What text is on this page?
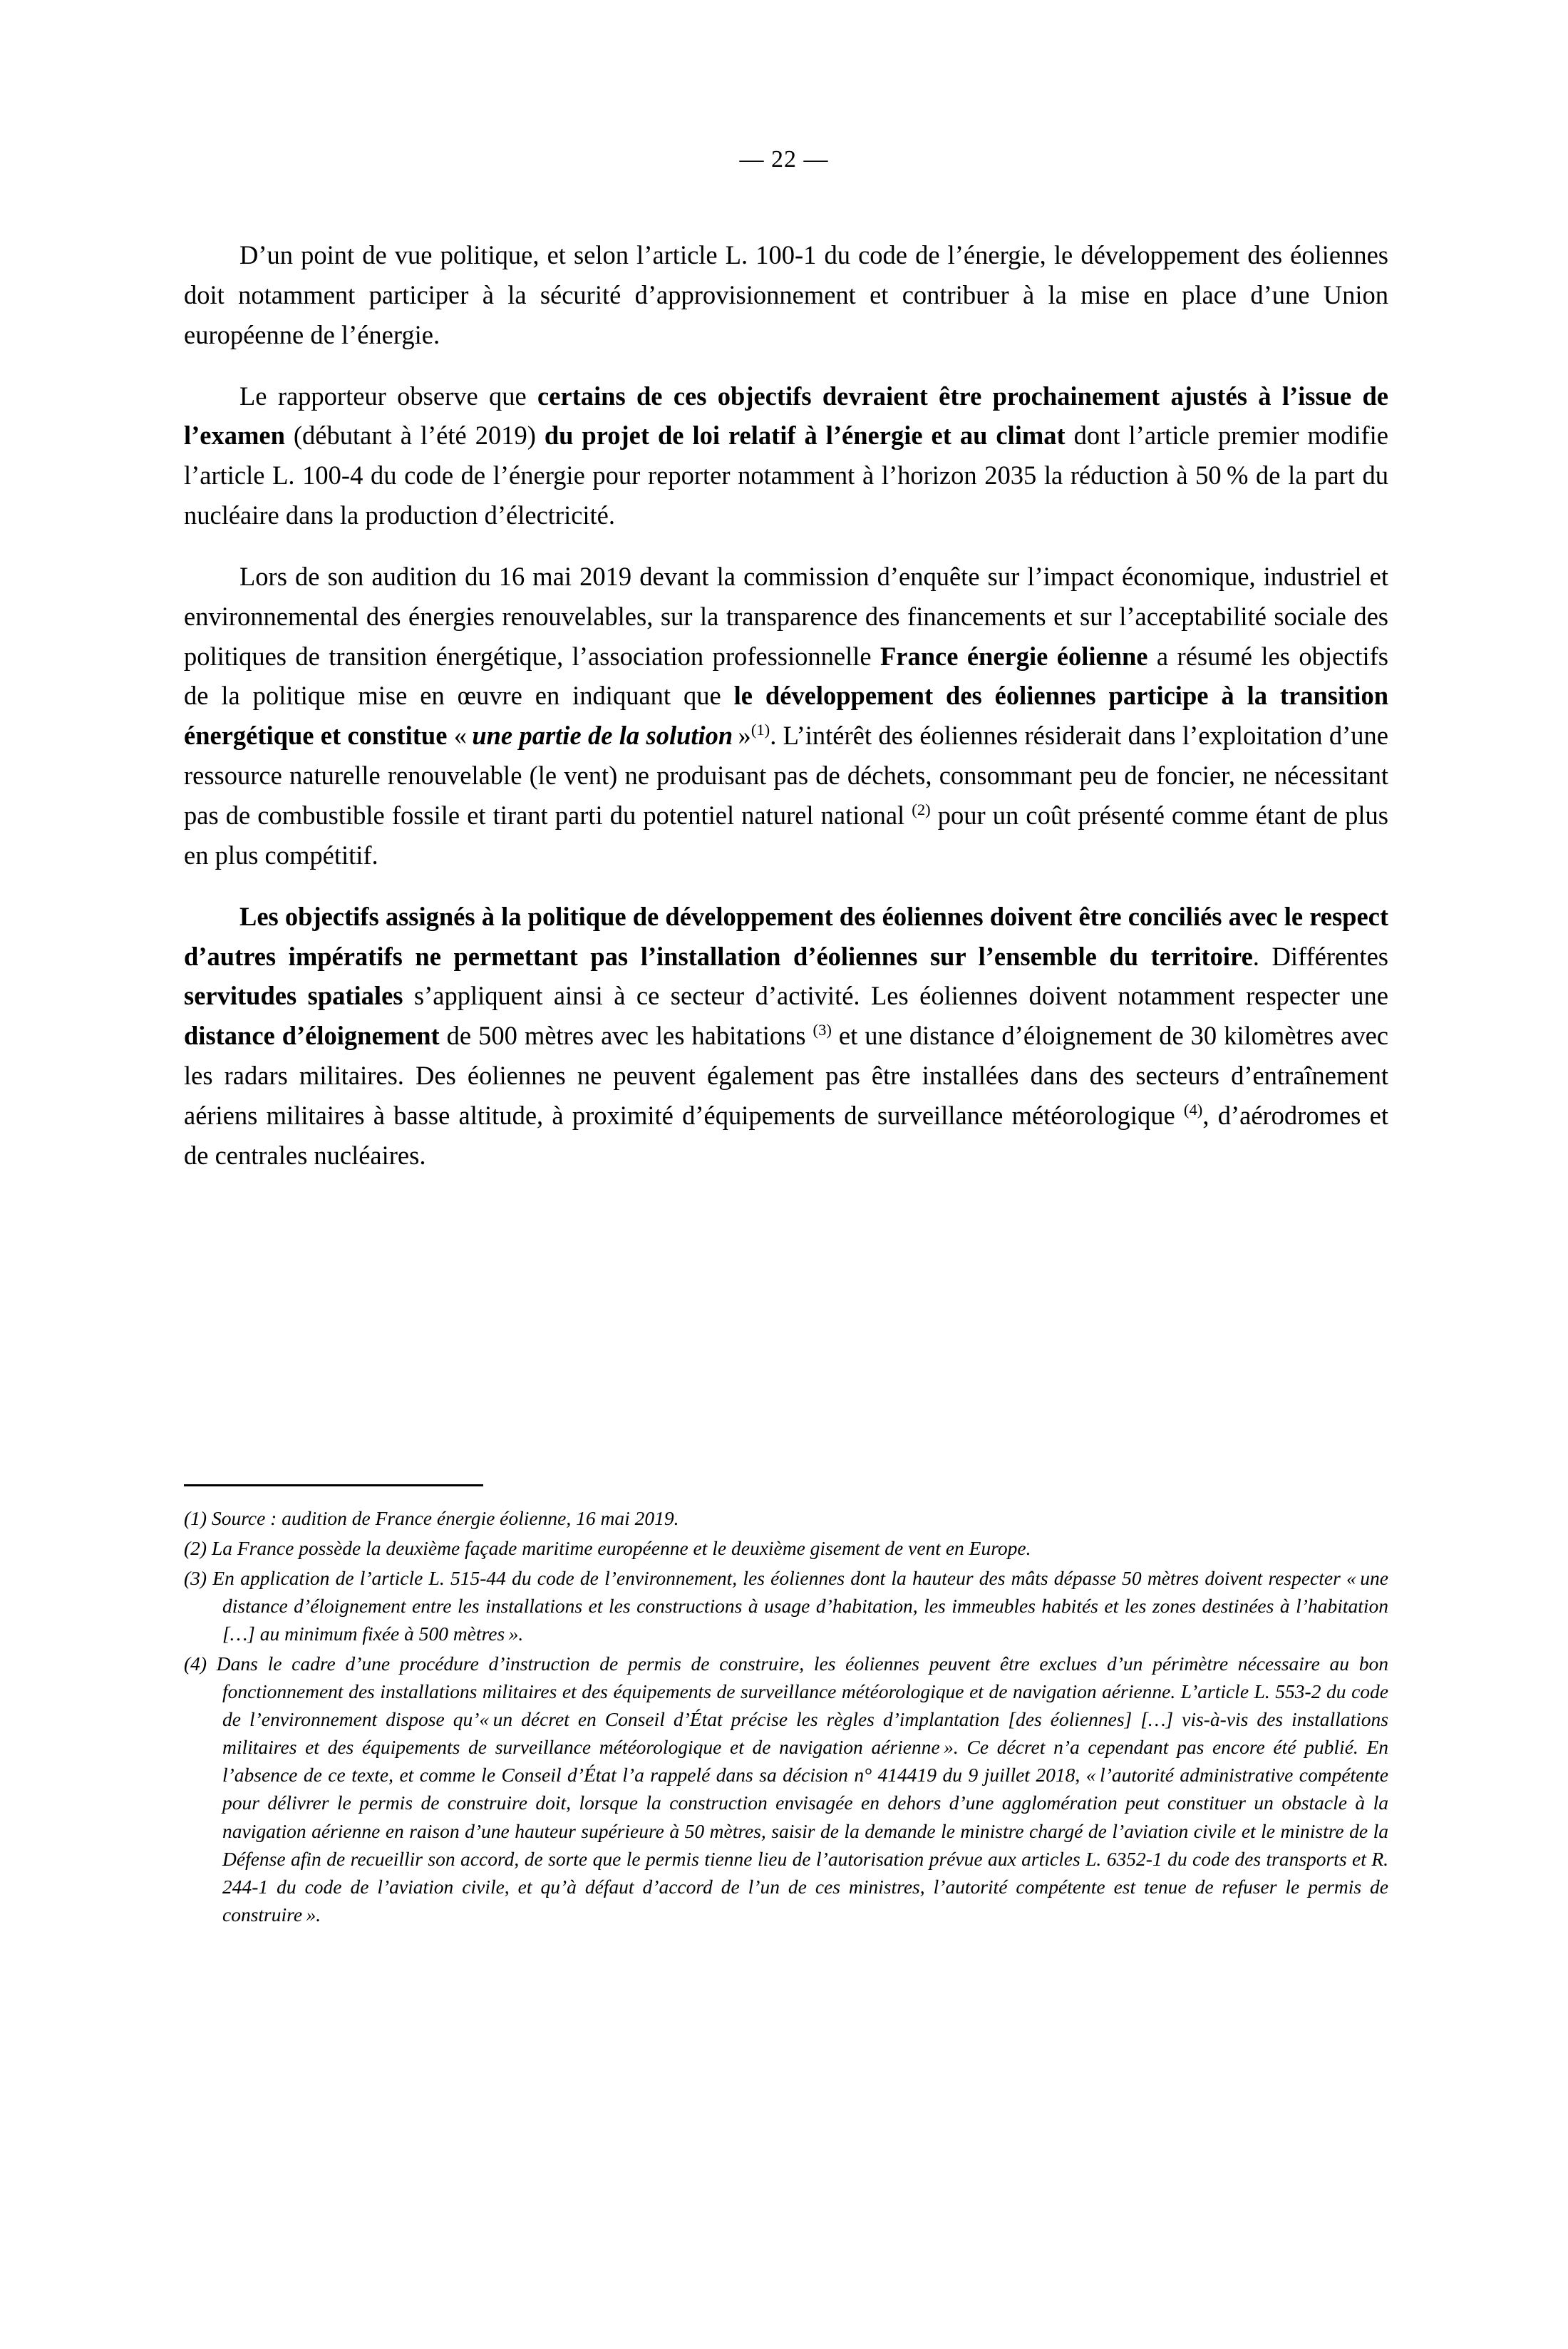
— 22 —

D’un point de vue politique, et selon l’article L. 100-1 du code de l’énergie, le développement des éoliennes doit notamment participer à la sécurité d’approvisionnement et contribuer à la mise en place d’une Union européenne de l’énergie.

Le rapporteur observe que certains de ces objectifs devraient être prochainement ajustés à l’issue de l’examen (débutant à l’été 2019) du projet de loi relatif à l’énergie et au climat dont l’article premier modifie l’article L. 100-4 du code de l’énergie pour reporter notamment à l’horizon 2035 la réduction à 50 % de la part du nucléaire dans la production d’électricité.

Lors de son audition du 16 mai 2019 devant la commission d’enquête sur l’impact économique, industriel et environnemental des énergies renouvelables, sur la transparence des financements et sur l’acceptabilité sociale des politiques de transition énergétique, l’association professionnelle France énergie éolienne a résumé les objectifs de la politique mise en œuvre en indiquant que le développement des éoliennes participe à la transition énergétique et constitue « une partie de la solution »$^{(1)}$. L’intérêt des éoliennes résiderait dans l’exploitation d’une ressource naturelle renouvelable (le vent) ne produisant pas de déchets, consommant peu de foncier, ne nécessitant pas de combustible fossile et tirant parti du potentiel naturel national $^{(2)}$ pour un coût présenté comme étant de plus en plus compétitif.

Les objectifs assignés à la politique de développement des éoliennes doivent être conciliés avec le respect d’autres impératifs ne permettant pas l’installation d’éoliennes sur l’ensemble du territoire. Différentes servitudes spatiales s’appliquent ainsi à ce secteur d’activité. Les éoliennes doivent notamment respecter une distance d’éloignement de 500 mètres avec les habitations $^{(3)}$ et une distance d’éloignement de 30 kilomètres avec les radars militaires. Des éoliennes ne peuvent également pas être installées dans des secteurs d’entraînement aériens militaires à basse altitude, à proximité d’équipements de surveillance météorologique $^{(4)}$, d’aérodromes et de centrales nucléaires.

(1) Source : audition de France énergie éolienne, 16 mai 2019.
(2) La France possède la deuxième façade maritime européenne et le deuxième gisement de vent en Europe.
(3) En application de l’article L. 515-44 du code de l’environnement, les éoliennes dont la hauteur des mâts dépasse 50 mètres doivent respecter « une distance d’éloignement entre les installations et les constructions à usage d’habitation, les immeubles habités et les zones destinées à l’habitation […] au minimum fixée à 500 mètres ».
(4) Dans le cadre d’une procédure d’instruction de permis de construire, les éoliennes peuvent être exclues d’un périmètre nécessaire au bon fonctionnement des installations militaires et des équipements de surveillance météorologique et de navigation aérienne. L’article L. 553-2 du code de l’environnement dispose qu’« un décret en Conseil d’État précise les règles d’implantation [des éoliennes] […] vis-à-vis des installations militaires et des équipements de surveillance météorologique et de navigation aérienne ». Ce décret n’a cependant pas encore été publié. En l’absence de ce texte, et comme le Conseil d’État l’a rappelé dans sa décision n° 414419 du 9 juillet 2018, « l’autorité administrative compétente pour délivrer le permis de construire doit, lorsque la construction envisagée en dehors d’une agglomération peut constituer un obstacle à la navigation aérienne en raison d’une hauteur supérieure à 50 mètres, saisir de la demande le ministre chargé de l’aviation civile et le ministre de la Défense afin de recueillir son accord, de sorte que le permis tienne lieu de l’autorisation prévue aux articles L. 6352-1 du code des transports et R. 244-1 du code de l’aviation civile, et qu’à défaut d’accord de l’un de ces ministres, l’autorité compétente est tenue de refuser le permis de construire ».
